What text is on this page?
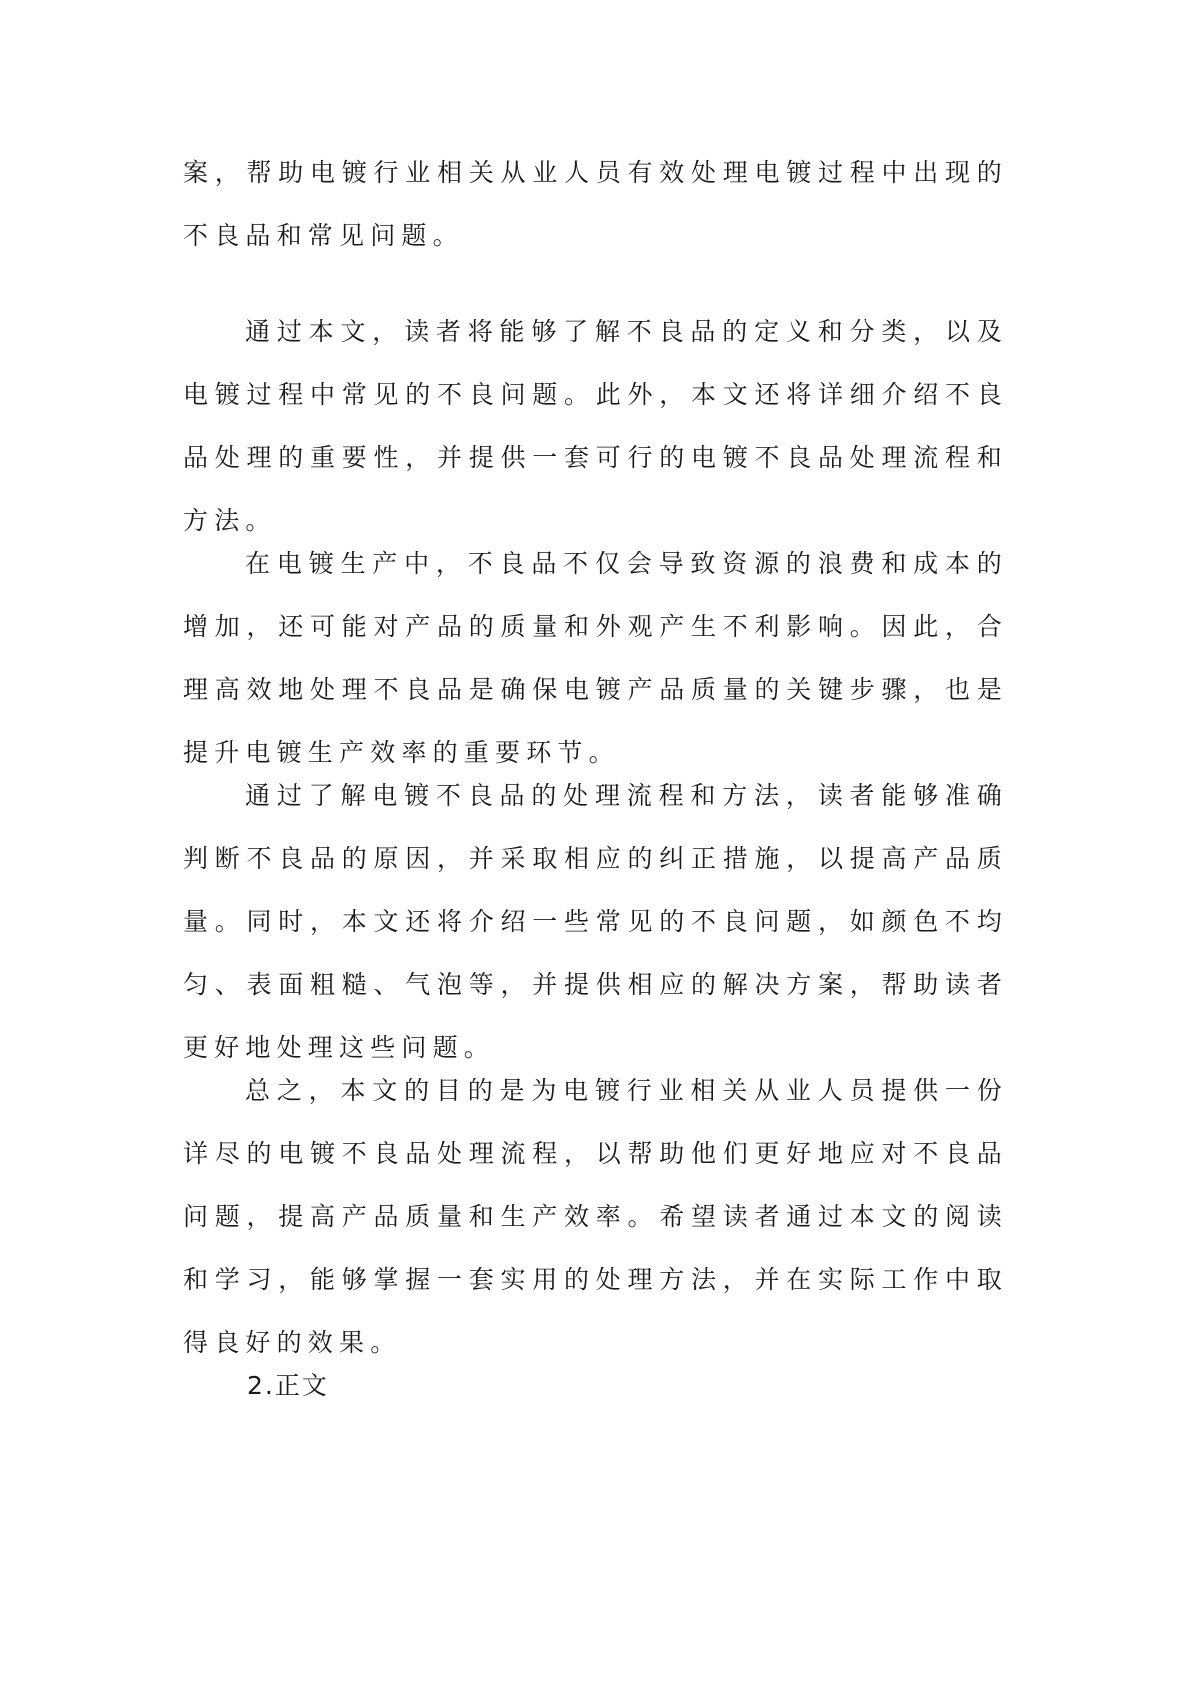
案，帮助电镀行业相关从业人员有效处理电镀过程中出现的不良品和常见问题。

通过本文，读者将能够了解不良品的定义和分类，以及电镀过程中常见的不良问题。此外，本文还将详细介绍不良品处理的重要性，并提供一套可行的电镀不良品处理流程和方法。

在电镀生产中，不良品不仅会导致资源的浪费和成本的增加，还可能对产品的质量和外观产生不利影响。因此，合理高效地处理不良品是确保电镀产品质量的关键步骤，也是提升电镀生产效率的重要环节。

通过了解电镀不良品的处理流程和方法，读者能够准确判断不良品的原因，并采取相应的纠正措施，以提高产品质量。同时，本文还将介绍一些常见的不良问题，如颜色不均匀、表面粗糙、气泡等，并提供相应的解决方案，帮助读者更好地处理这些问题。

总之，本文的目的是为电镀行业相关从业人员提供一份详尽的电镀不良品处理流程，以帮助他们更好地应对不良品问题，提高产品质量和生产效率。希望读者通过本文的阅读和学习，能够掌握一套实用的处理方法，并在实际工作中取得良好的效果。

2.正文
